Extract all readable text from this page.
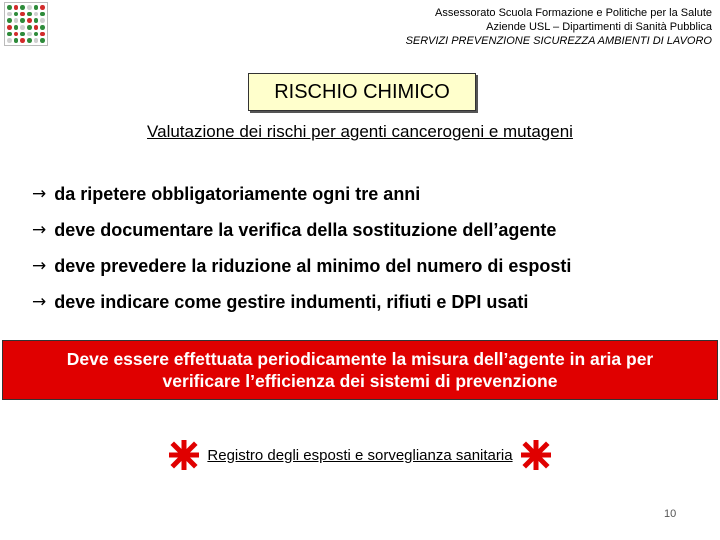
Assessorato Scuola Formazione e Politiche per la Salute
Aziende USL – Dipartimenti di Sanità Pubblica
SERVIZI PREVENZIONE SICUREZZA AMBIENTI DI LAVORO
RISCHIO CHIMICO
Valutazione dei rischi per agenti cancerogeni e mutageni
→ da ripetere obbligatoriamente ogni tre anni
→ deve documentare la verifica della sostituzione dell’agente
→ deve prevedere la riduzione al minimo del numero di esposti
→ deve indicare come gestire indumenti, rifiuti e DPI usati
Deve essere effettuata periodicamente la misura dell’agente in aria per
verificare l’efficienza dei sistemi di prevenzione
Registro degli esposti e sorveglianza sanitaria
10
